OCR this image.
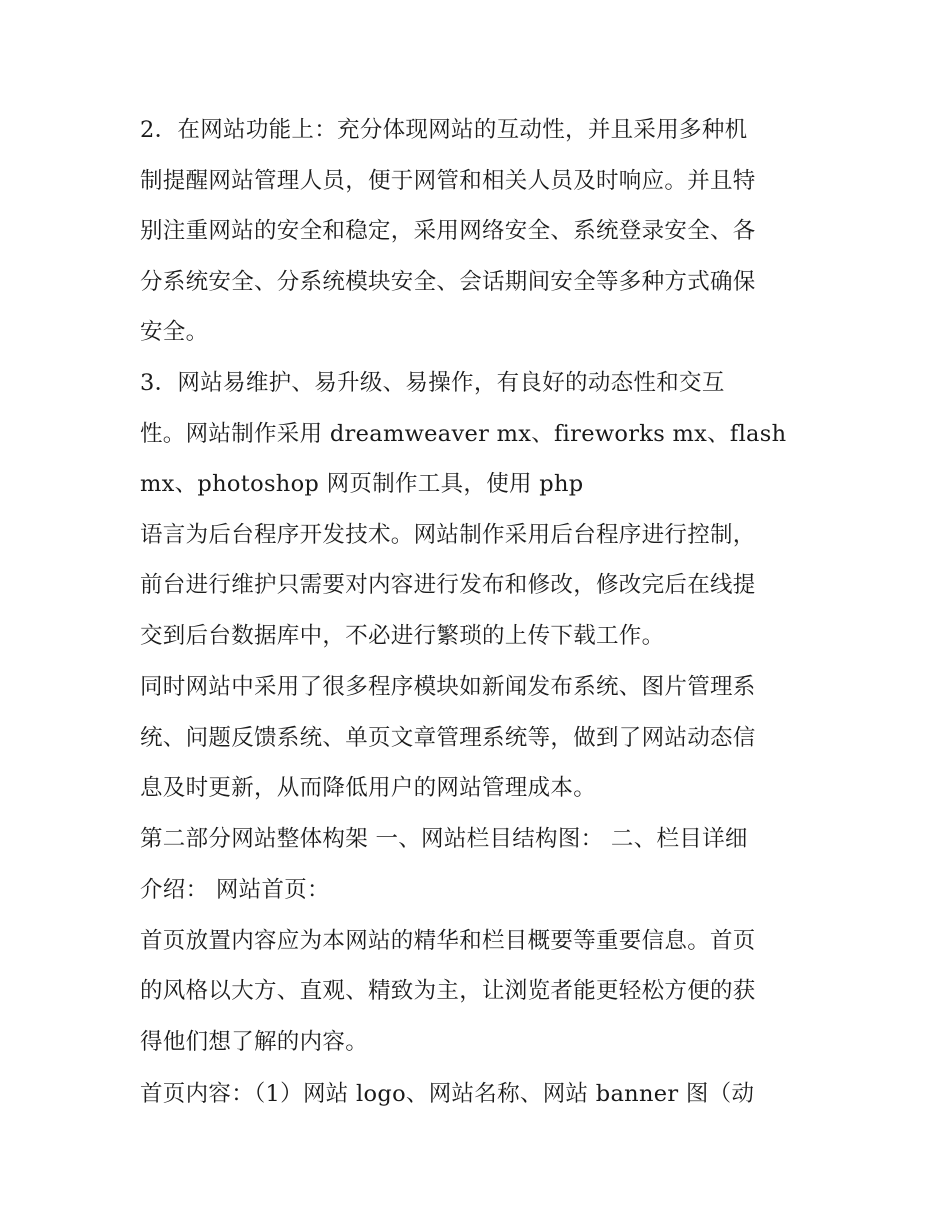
2．在网站功能上：充分体现网站的互动性，并且采用多种机
制提醒网站管理人员，便于网管和相关人员及时响应。并且特
别注重网站的安全和稳定，采用网络安全、系统登录安全、各
分系统安全、分系统模块安全、会话期间安全等多种方式确保
安全。
3．网站易维护、易升级、易操作，有良好的动态性和交互
性。网站制作采用 dreamweaver mx、fireworks mx、flash
mx、photoshop 网页制作工具，使用 php
语言为后台程序开发技术。网站制作采用后台程序进行控制，
前台进行维护只需要对内容进行发布和修改，修改完后在线提
交到后台数据库中，不必进行繁琐的上传下载工作。
同时网站中采用了很多程序模块如新闻发布系统、图片管理系
统、问题反馈系统、单页文章管理系统等，做到了网站动态信
息及时更新，从而降低用户的网站管理成本。
第二部分网站整体构架 一、网站栏目结构图： 二、栏目详细
介绍： 网站首页：
首页放置内容应为本网站的精华和栏目概要等重要信息。首页
的风格以大方、直观、精致为主，让浏览者能更轻松方便的获
得他们想了解的内容。
首页内容：（1）网站 logo、网站名称、网站 banner 图（动
